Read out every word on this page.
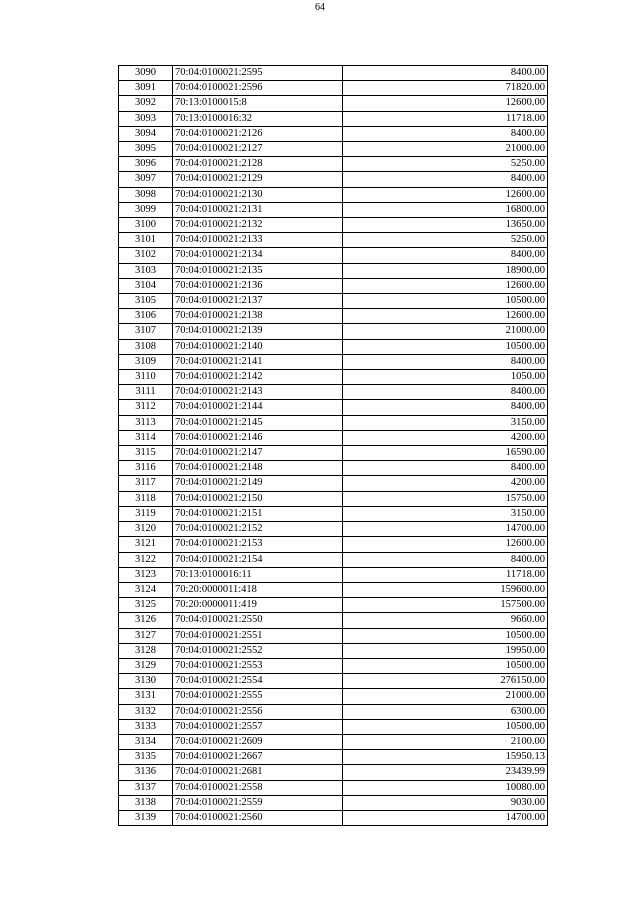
64
3090	70:04:0100021:2595	8400.00
3091	70:04:0100021:2596	71820.00
3092	70:13:0100015:8	12600.00
3093	70:13:0100016:32	11718.00
3094	70:04:0100021:2126	8400.00
3095	70:04:0100021:2127	21000.00
3096	70:04:0100021:2128	5250.00
3097	70:04:0100021:2129	8400.00
3098	70:04:0100021:2130	12600.00
3099	70:04:0100021:2131	16800.00
3100	70:04:0100021:2132	13650.00
3101	70:04:0100021:2133	5250.00
3102	70:04:0100021:2134	8400.00
3103	70:04:0100021:2135	18900.00
3104	70:04:0100021:2136	12600.00
3105	70:04:0100021:2137	10500.00
3106	70:04:0100021:2138	12600.00
3107	70:04:0100021:2139	21000.00
3108	70:04:0100021:2140	10500.00
3109	70:04:0100021:2141	8400.00
3110	70:04:0100021:2142	1050.00
3111	70:04:0100021:2143	8400.00
3112	70:04:0100021:2144	8400.00
3113	70:04:0100021:2145	3150.00
3114	70:04:0100021:2146	4200.00
3115	70:04:0100021:2147	16590.00
3116	70:04:0100021:2148	8400.00
3117	70:04:0100021:2149	4200.00
3118	70:04:0100021:2150	15750.00
3119	70:04:0100021:2151	3150.00
3120	70:04:0100021:2152	14700.00
3121	70:04:0100021:2153	12600.00
3122	70:04:0100021:2154	8400.00
3123	70:13:0100016:11	11718.00
3124	70:20:0000011:418	159600.00
3125	70:20:0000011:419	157500.00
3126	70:04:0100021:2550	9660.00
3127	70:04:0100021:2551	10500.00
3128	70:04:0100021:2552	19950.00
3129	70:04:0100021:2553	10500.00
3130	70:04:0100021:2554	276150.00
3131	70:04:0100021:2555	21000.00
3132	70:04:0100021:2556	6300.00
3133	70:04:0100021:2557	10500.00
3134	70:04:0100021:2609	2100.00
3135	70:04:0100021:2667	15950.13
3136	70:04:0100021:2681	23439.99
3137	70:04:0100021:2558	10080.00
3138	70:04:0100021:2559	9030.00
3139	70:04:0100021:2560	14700.00
